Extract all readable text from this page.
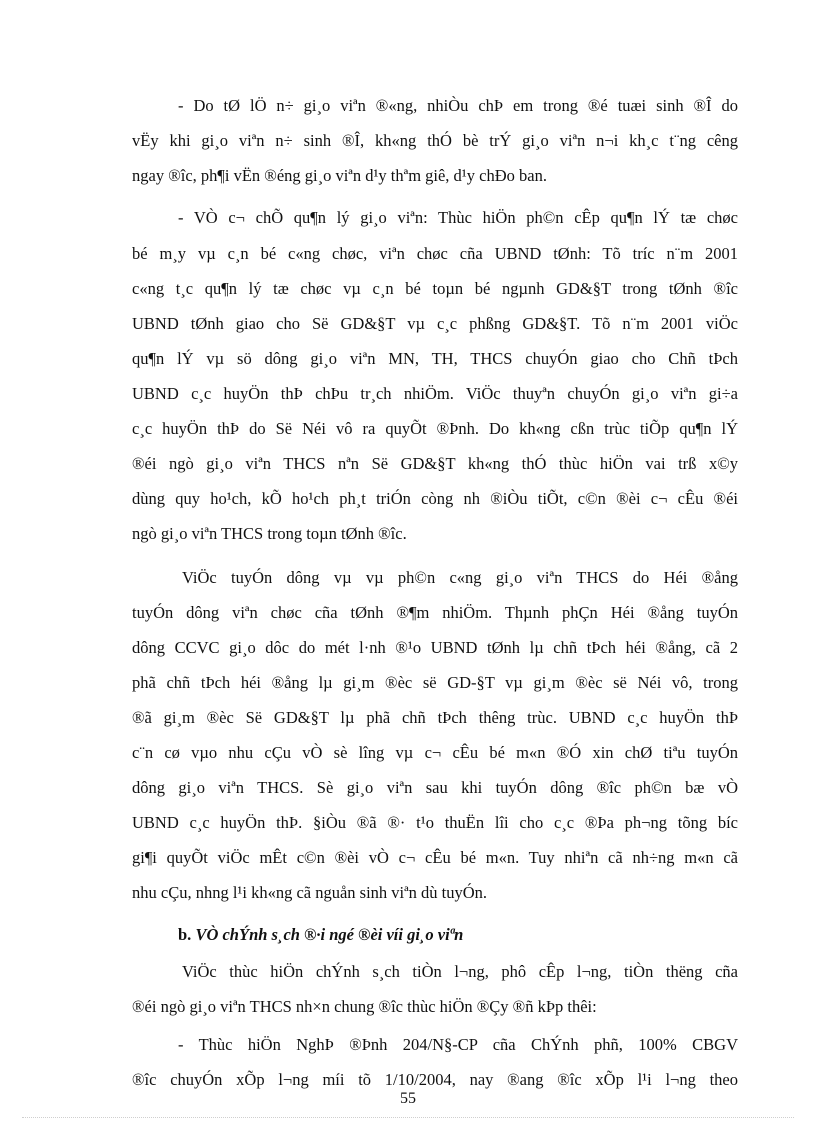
- Do tØ lÖ n÷ gi¸o viªn ®«ng, nhiÒu chÞ em trong ®é tuæi sinh ®Î do
vËy khi gi¸o viªn n÷ sinh ®Î, kh«ng thÓ bè trÝ gi¸o viªn n¬i kh¸c t¨ng cêng
ngay ®îc, ph¶i vËn ®éng gi¸o viªn d¹y thªm giê, d¹y chÐo ban.
- VÒ c¬ chÕ qu¶n lý gi¸o viªn: Thùc hiÖn ph©n cÊp qu¶n lÝ tæ chøc
bé m¸y vµ c¸n bé c«ng chøc, viªn chøc cña UBND tØnh: Tõ tríc n¨m 2001
c«ng t¸c qu¶n lý tæ chøc vµ c¸n bé toµn bé ngµnh GD&§T trong tØnh ®îc
UBND tØnh giao cho Së GD&§T vµ c¸c phßng GD&§T. Tõ n¨m 2001 viÖc
qu¶n lÝ vµ sö dông gi¸o viªn MN, TH, THCS chuyÓn giao cho Chñ tÞch
UBND c¸c huyÖn thÞ chÞu tr¸ch nhiÖm. ViÖc thuyªn chuyÓn gi¸o viªn gi÷a
c¸c huyÖn thÞ do Së Néi vô ra quyÕt ®Þnh. Do kh«ng cßn trùc tiÕp qu¶n lÝ
®éi ngò gi¸o viªn THCS nªn Së GD&§T kh«ng thÓ thùc hiÖn vai trß x©y
dùng quy ho¹ch, kÕ ho¹ch ph¸t triÓn còng nh ®iÒu tiÕt, c©n ®èi c¬ cÊu ®éi
ngò gi¸o viªn THCS trong toµn tØnh ®îc.
ViÖc tuyÓn dông vµ vµ ph©n c«ng gi¸o viªn THCS do Héi ®ång
tuyÓn dông viªn chøc cña tØnh ®¶m nhiÖm. Thµnh phÇn Héi ®ång tuyÓn
dông CCVC gi¸o dôc do mét l·nh ®¹o UBND tØnh lµ chñ tÞch héi ®ång, cã 2
phã chñ tÞch héi ®ång lµ gi¸m ®èc së GD-§T vµ gi¸m ®èc së Néi vô, trong
®ã gi¸m ®èc Së GD&§T lµ phã chñ tÞch thêng trùc. UBND c¸c huyÖn thÞ
c¨n cø vµo nhu cÇu vÒ sè lîng vµ c¬ cÊu bé m«n ®Ó xin chØ tiªu tuyÓn
dông gi¸o viªn THCS. Sè gi¸o viªn sau khi tuyÓn dông ®îc ph©n bæ vÒ
UBND c¸c huyÖn thÞ. §iÒu ®ã ®· t¹o thuËn lîi cho c¸c ®Þa ph¬ng tõng bíc
gi¶i quyÕt viÖc mÊt c©n ®èi vÒ c¬ cÊu bé m«n. Tuy nhiªn cã nh÷ng m«n cã
nhu cÇu, nhng l¹i kh«ng cã nguån sinh viªn dù tuyÓn.
b. VÒ chÝnh s¸ch ®·i ngé ®èi víi gi¸o viªn
ViÖc thùc hiÖn chÝnh s¸ch tiÒn l¬ng, phô cÊp l¬ng, tiÒn thëng cña
®éi ngò gi¸o viªn THCS nh×n chung ®îc thùc hiÖn ®Çy ®ñ kÞp thêi:
- Thùc hiÖn NghÞ ®Þnh 204/N§-CP cña ChÝnh phñ, 100% CBGV
®îc chuyÓn xÕp l¬ng míi tõ 1/10/2004, nay ®ang ®îc xÕp l¹i l¬ng theo
55
